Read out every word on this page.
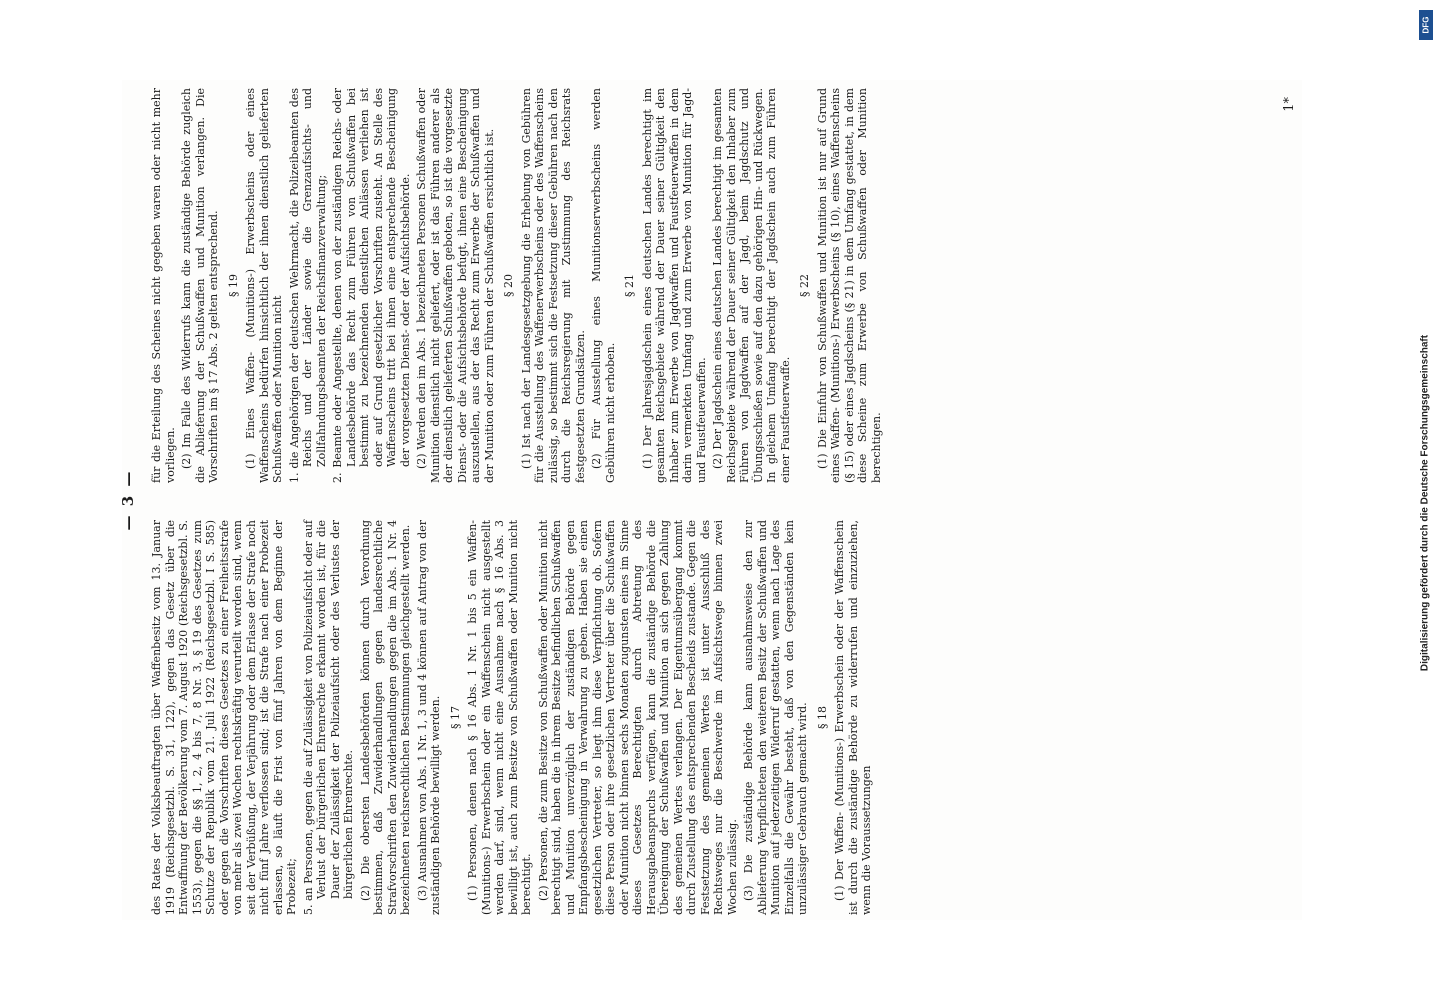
— 3 —

des Rates der Volksbeauftragten über Waffenbesitz vom 13. Januar 1919 (Reichsgesetzbl. S. 31, 122), gegen das Gesetz über die Entwaffnung der Bevölkerung vom 7. August 1920 (Reichsgesetzbl. S. 1553), gegen die §§ 1, 2, 4 bis 7, 8 Nr. 3, § 19 des Gesetzes zum Schutze der Republik vom 21. Juli 1922 (Reichsgesetzbl. I S. 585) oder gegen die Vorschriften dieses Gesetzes zu einer Freiheitsstrafe von mehr als zwei Wochen rechtskräftig verurteilt worden sind, wenn seit der Verbüßung, der Verjährung oder dem Erlasse der Strafe noch nicht fünf Jahre verflossen sind; ist die Strafe nach einer Probezeit erlassen, so läuft die Frist von fünf Jahren von dem Beginne der Probezeit; 5. an Personen, gegen die auf Zulässigkeit von Polizeiaufsicht oder auf Verlust der bürgerlichen Ehrenrechte erkannt worden ist, für die Dauer der Zulässigkeit der Polizeiaufsicht oder des Verlustes der bürgerlichen Ehrenrechte. (2) Die obersten Landesbehörden können durch Verordnung bestimmen, daß Zuwiderhandlungen gegen landesrechtliche Strafvorschriften den Zuwiderhandlungen gegen die im Abs. 1 Nr. 4 bezeichneten reichsrechtlichen Bestimmungen gleichgestellt werden. (3) Ausnahmen von Abs. 1 Nr. 1, 3 und 4 können auf Antrag von der zuständigen Behörde bewilligt werden. § 17 (1) Personen, denen nach § 16 Abs. 1 Nr. 1 bis 5 ein Waffen- (Munitions-) Erwerbschein oder ein Waffenschein nicht ausgestellt werden darf, sind, wenn nicht eine Ausnahme nach § 16 Abs. 3 bewilligt ist, auch zum Besitze von Schußwaffen oder Munition nicht berechtigt. (2) Personen, die zum Besitze von Schußwaffen oder Munition nicht berechtigt sind, haben die in ihrem Besitze befindlichen Schußwaffen und Munition unverzüglich der zuständigen Behörde gegen Empfangsbescheinigung in Verwahrung zu geben. Haben sie einen gesetzlichen Vertreter, so liegt ihm diese Verpflichtung ob. Sofern diese Person oder ihre gesetzlichen Vertreter über die Schußwaffen oder Munition nicht binnen sechs Monaten zugunsten eines im Sinne dieses Gesetzes Berechtigten durch Abtretung des Herausgabeanspruchs verfügen, kann die zuständige Behörde die Übereignung der Schußwaffen und Munition an sich gegen Zahlung des gemeinen Wertes verlangen. Der Eigentumsübergang kommt durch Zustellung des entsprechenden Bescheids zustande. Gegen die Festsetzung des gemeinen Wertes ist unter Ausschluß des Rechtsweges nur die Beschwerde im Aufsichtswege binnen zwei Wochen zulässig. (3) Die zuständige Behörde kann ausnahmsweise den zur Ablieferung Verpflichteten den weiteren Besitz der Schußwaffen und Munition auf jederzeitigen Widerruf gestatten, wenn nach Lage des Einzelfalls die Gewähr besteht, daß von den Gegenständen kein unzulässiger Gebrauch gemacht wird. § 18 (1) Der Waffen- (Munitions-) Erwerbschein oder der Waffenschein ist durch die zuständige Behörde zu widerrufen und einzuziehen, wenn die Voraussetzungen

für die Erteilung des Scheines nicht gegeben waren oder nicht mehr vorliegen. (2) Im Falle des Widerrufs kann die zuständige Behörde zugleich die Ablieferung der Schußwaffen und Munition verlangen. Die Vorschriften im § 17 Abs. 2 gelten entsprechend. § 19 (1) Eines Waffen- (Munitions-) Erwerbscheins oder eines Waffenscheins bedürfen hinsichtlich der ihnen dienstlich gelieferten Schußwaffen oder Munition nicht 1. die Angehörigen der deutschen Wehrmacht, die Polizeibeamten des Reichs und der Länder sowie die Grenzaufsichts- und Zollfahndungsbeamten der Reichsfinanzverwaltung; 2. Beamte oder Angestellte, denen von der zuständigen Reichs- oder Landesbehörde das Recht zum Führen von Schußwaffen bei bestimmt zu bezeichnenden dienstlichen Anlässen verliehen ist oder auf Grund gesetzlicher Vorschriften zusteht. An Stelle des Waffenscheins tritt bei ihnen eine entsprechende Bescheinigung der vorgesetzten Dienst- oder der Aufsichtsbehörde. (2) Werden den im Abs. 1 bezeichneten Personen Schußwaffen oder Munition dienstlich nicht geliefert, oder ist das Führen anderer als der dienstlich gelieferten Schußwaffen geboten, so ist die vorgesetzte Dienst- oder die Aufsichtsbehörde befugt, ihnen eine Bescheinigung auszustellen, aus der das Recht zum Erwerbe der Schußwaffen und der Munition oder zum Führen der Schußwaffen ersichtlich ist. § 20 (1) Ist nach der Landesgesetzgebung die Erhebung von Gebühren für die Ausstellung des Waffenerwerbscheins oder des Waffenscheins zulässig, so bestimmt sich die Festsetzung dieser Gebühren nach den durch die Reichsregierung mit Zustimmung des Reichsrats festgesetzten Grundsätzen. (2) Für Ausstellung eines Munitionserwerbscheins werden Gebühren nicht erhoben.

§ 21 (1) Der Jahresjagdschein eines deutschen Landes berechtigt im gesamten Reichsgebiete während der Dauer seiner Gültigkeit den Inhaber zum Erwerbe von Jagdwaffen und Faustfeuerwaffen in dem darin vermerkten Umfang und zum Erwerbe von Munition für Jagd- und Faustfeuerwaffen. (2) Der Jagdschein eines deutschen Landes berechtigt im gesamten Reichsgebiete während der Dauer seiner Gültigkeit den Inhaber zum Führen von Jagdwaffen auf der Jagd, beim Jagdschutz und Übungsschießen sowie auf den dazu gehörigen Hin- und Rückwegen. In gleichem Umfang berechtigt der Jagdschein auch zum Führen einer Faustfeuerwaffe.

§ 22 (1) Die Einfuhr von Schußwaffen und Munition ist nur auf Grund eines Waffen- (Munitions-) Erwerbscheins (§ 10), eines Waffenscheins (§ 15) oder eines Jagdscheins (§ 21) in dem Umfang gestattet, in dem diese Scheine zum Erwerbe von Schußwaffen oder Munition berechtigen.

1*
Digitalisierung gefördert durch die Deutsche Forschungsgemeinschaft
DFG
